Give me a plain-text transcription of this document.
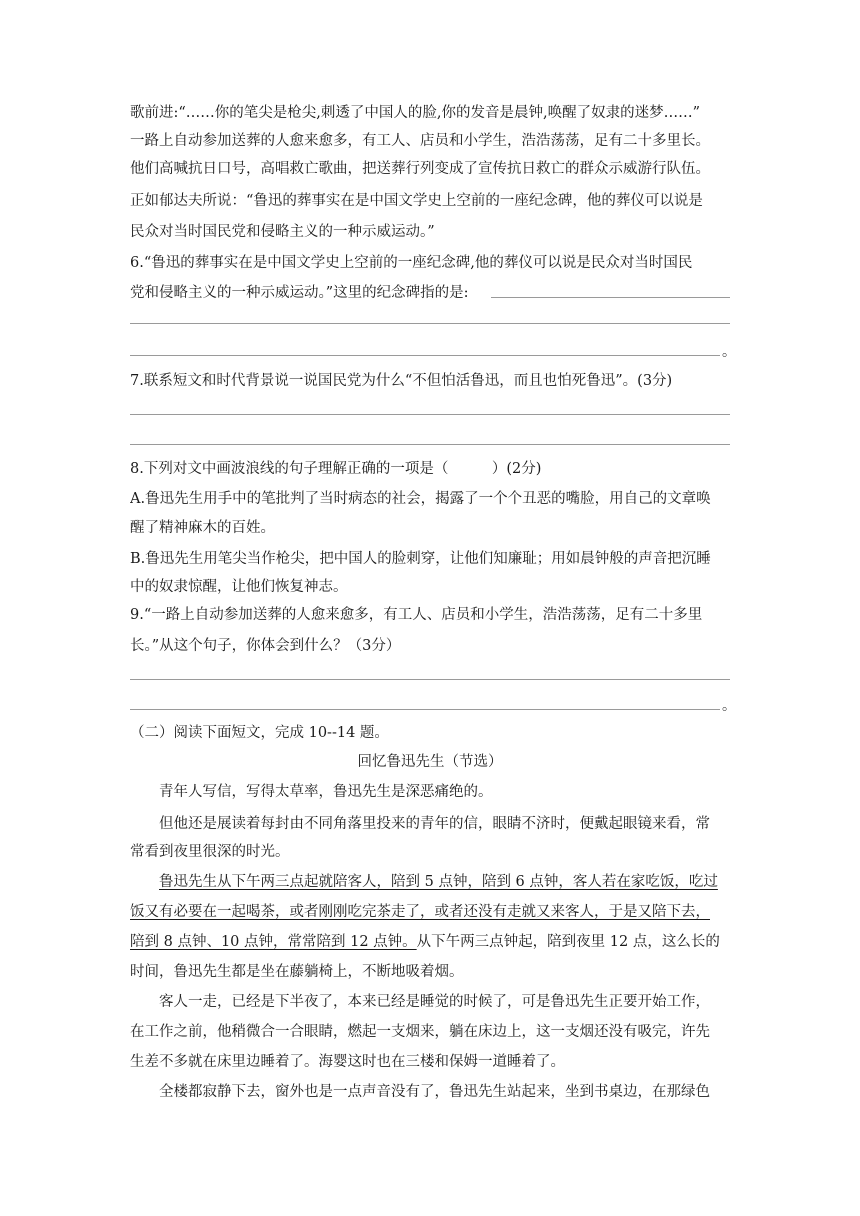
歌前进:“……你的笔尖是枪尖,刺透了中国人的脸,你的发音是晨钟,唤醒了奴隶的迷梦……”
一路上自动参加送葬的人愈来愈多，有工人、店员和小学生，浩浩荡荡，足有二十多里长。
他们高喊抗日口号，高唱救亡歌曲，把送葬行列变成了宣传抗日救亡的群众示威游行队伍。
正如郁达夫所说：“鲁迅的葬事实在是中国文学史上空前的一座纪念碑，他的葬仪可以说是
民众对当时国民党和侵略主义的一种示威运动。”
6.“鲁迅的葬事实在是中国文学史上空前的一座纪念碑,他的葬仪可以说是民众对当时国民
党和侵略主义的一种示威运动。”这里的纪念碑指的是:
。
7.联系短文和时代背景说一说国民党为什么“不但怕活鲁迅，而且也怕死鲁迅”。(3分)
8.下列对文中画波浪线的句子理解正确的一项是（　　　）(2分)
A.鲁迅先生用手中的笔批判了当时病态的社会，揭露了一个个丑恶的嘴脸，用自己的文章唤
醒了精神麻木的百姓。
B.鲁迅先生用笔尖当作枪尖，把中国人的脸刺穿，让他们知廉耻；用如晨钟般的声音把沉睡
中的奴隶惊醒，让他们恢复神志。
9.“一路上自动参加送葬的人愈来愈多，有工人、店员和小学生，浩浩荡荡，足有二十多里
长。”从这个句子，你体会到什么？（3分）
。
（二）阅读下面短文，完成 10--14 题。
回忆鲁迅先生（节选）
青年人写信，写得太草率，鲁迅先生是深恶痛绝的。
但他还是展读着每封由不同角落里投来的青年的信，眼睛不济时，便戴起眼镜来看，常
常看到夜里很深的时光。
鲁迅先生从下午两三点起就陪客人，陪到 5 点钟，陪到 6 点钟，客人若在家吃饭，吃过
饭又有必要在一起喝茶，或者刚刚吃完茶走了，或者还没有走就又来客人，于是又陪下去，
陪到 8 点钟、10 点钟，常常陪到 12 点钟。从下午两三点钟起，陪到夜里 12 点，这么长的
时间，鲁迅先生都是坐在藤躺椅上，不断地吸着烟。
客人一走，已经是下半夜了，本来已经是睡觉的时候了，可是鲁迅先生正要开始工作，
在工作之前，他稍微合一合眼睛，燃起一支烟来，躺在床边上，这一支烟还没有吸完，许先
生差不多就在床里边睡着了。海婴这时也在三楼和保姆一道睡着了。
全楼都寂静下去，窗外也是一点声音没有了，鲁迅先生站起来，坐到书桌边，在那绿色
